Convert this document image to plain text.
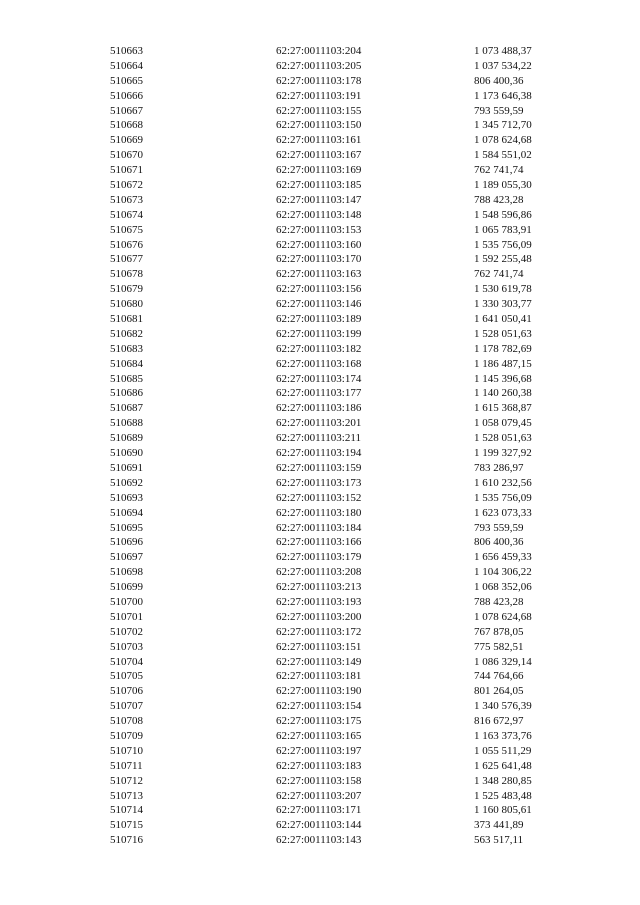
510663	62:27:0011103:204	1 073 488,37
510664	62:27:0011103:205	1 037 534,22
510665	62:27:0011103:178	806 400,36
510666	62:27:0011103:191	1 173 646,38
510667	62:27:0011103:155	793 559,59
510668	62:27:0011103:150	1 345 712,70
510669	62:27:0011103:161	1 078 624,68
510670	62:27:0011103:167	1 584 551,02
510671	62:27:0011103:169	762 741,74
510672	62:27:0011103:185	1 189 055,30
510673	62:27:0011103:147	788 423,28
510674	62:27:0011103:148	1 548 596,86
510675	62:27:0011103:153	1 065 783,91
510676	62:27:0011103:160	1 535 756,09
510677	62:27:0011103:170	1 592 255,48
510678	62:27:0011103:163	762 741,74
510679	62:27:0011103:156	1 530 619,78
510680	62:27:0011103:146	1 330 303,77
510681	62:27:0011103:189	1 641 050,41
510682	62:27:0011103:199	1 528 051,63
510683	62:27:0011103:182	1 178 782,69
510684	62:27:0011103:168	1 186 487,15
510685	62:27:0011103:174	1 145 396,68
510686	62:27:0011103:177	1 140 260,38
510687	62:27:0011103:186	1 615 368,87
510688	62:27:0011103:201	1 058 079,45
510689	62:27:0011103:211	1 528 051,63
510690	62:27:0011103:194	1 199 327,92
510691	62:27:0011103:159	783 286,97
510692	62:27:0011103:173	1 610 232,56
510693	62:27:0011103:152	1 535 756,09
510694	62:27:0011103:180	1 623 073,33
510695	62:27:0011103:184	793 559,59
510696	62:27:0011103:166	806 400,36
510697	62:27:0011103:179	1 656 459,33
510698	62:27:0011103:208	1 104 306,22
510699	62:27:0011103:213	1 068 352,06
510700	62:27:0011103:193	788 423,28
510701	62:27:0011103:200	1 078 624,68
510702	62:27:0011103:172	767 878,05
510703	62:27:0011103:151	775 582,51
510704	62:27:0011103:149	1 086 329,14
510705	62:27:0011103:181	744 764,66
510706	62:27:0011103:190	801 264,05
510707	62:27:0011103:154	1 340 576,39
510708	62:27:0011103:175	816 672,97
510709	62:27:0011103:165	1 163 373,76
510710	62:27:0011103:197	1 055 511,29
510711	62:27:0011103:183	1 625 641,48
510712	62:27:0011103:158	1 348 280,85
510713	62:27:0011103:207	1 525 483,48
510714	62:27:0011103:171	1 160 805,61
510715	62:27:0011103:144	373 441,89
510716	62:27:0011103:143	563 517,11
